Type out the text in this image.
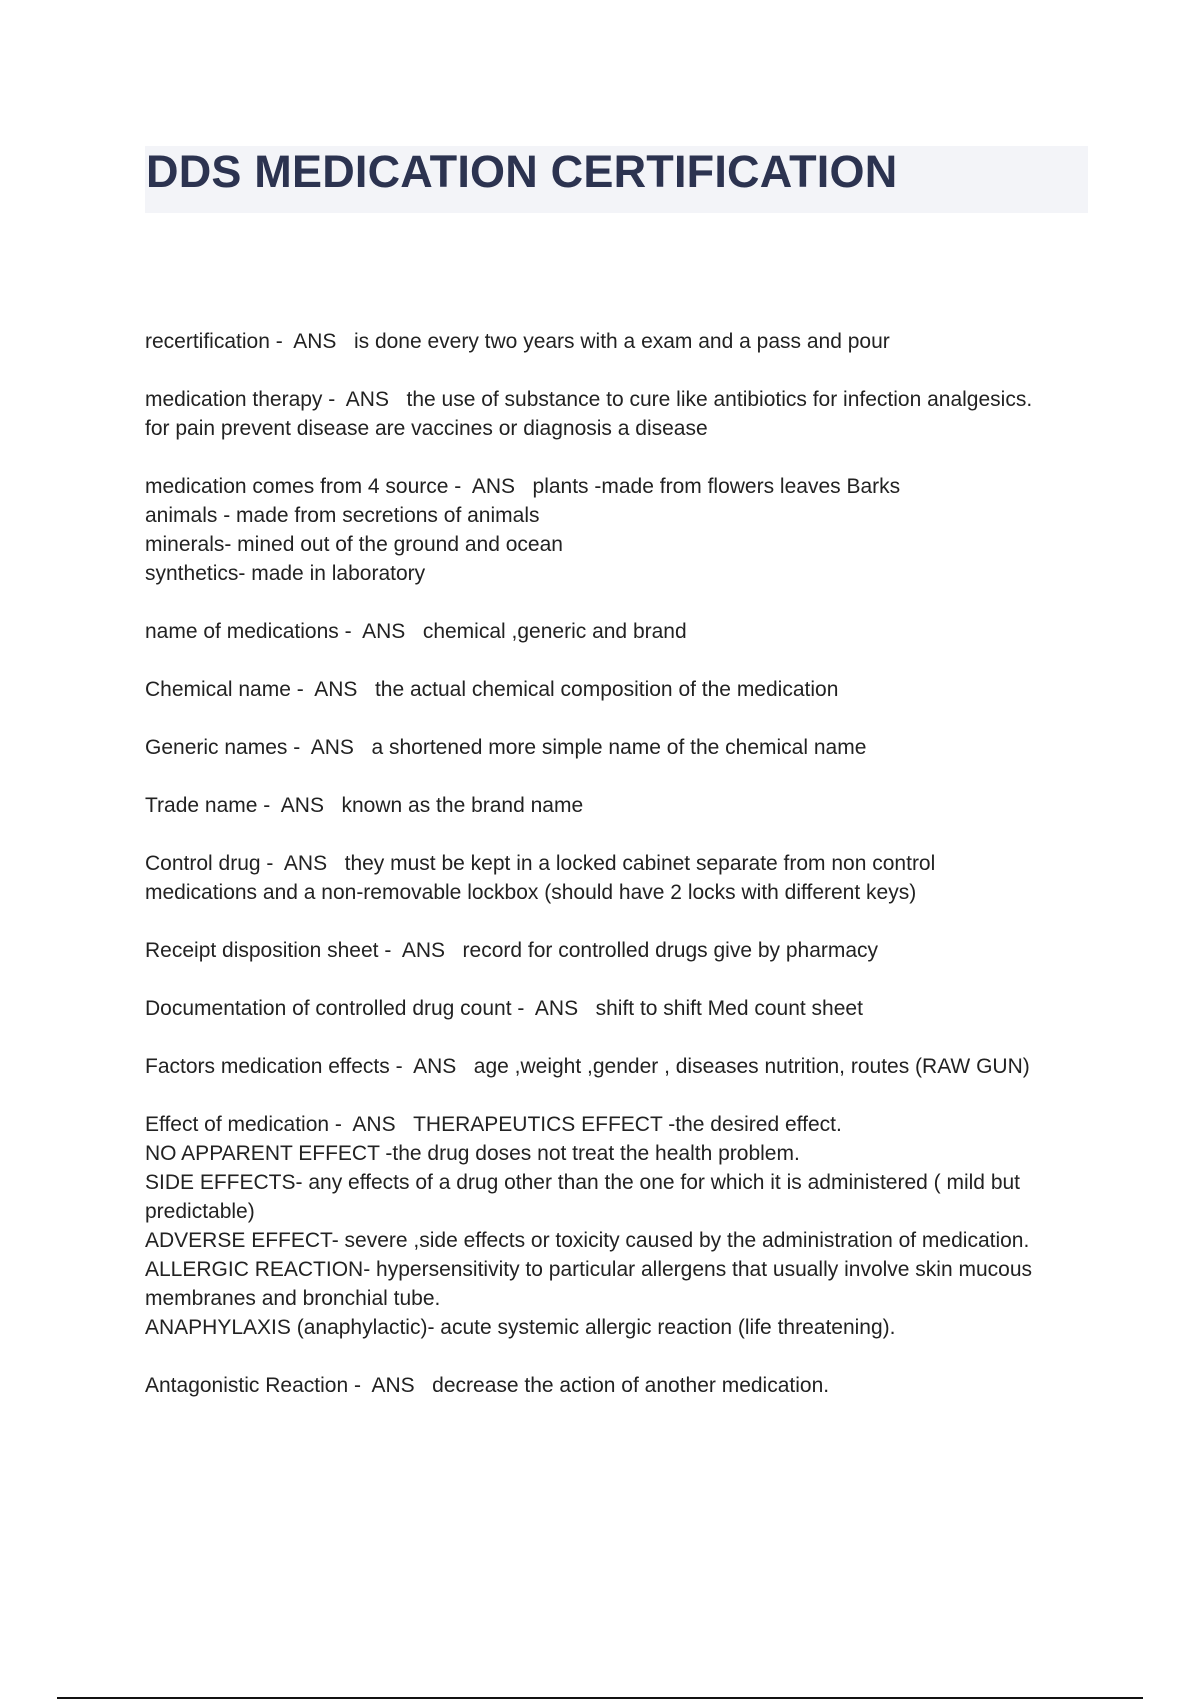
DDS MEDICATION CERTIFICATION
recertification -  ANS is done every two years with a exam and a pass and pour
medication therapy -  ANS the use of substance to cure like antibiotics for infection analgesics.
for pain prevent disease are vaccines or diagnosis a disease
medication comes from 4 source -  ANS plants -made from flowers leaves Barks
animals - made from secretions of animals
minerals- mined out of the ground and ocean
synthetics- made in laboratory
name of medications -  ANS chemical ,generic and brand
Chemical name -  ANS the actual chemical composition of the medication
Generic names -  ANS a shortened more simple name of the chemical name
Trade name -  ANS known as the brand name
Control drug -  ANS they must be kept in a locked cabinet separate from non control
medications and a non-removable lockbox (should have 2 locks with different keys)
Receipt disposition sheet -  ANS record for controlled drugs give by pharmacy
Documentation of controlled drug count -  ANS shift to shift Med count sheet
Factors medication effects -  ANS age ,weight ,gender , diseases nutrition, routes (RAW GUN)
Effect of medication -  ANS THERAPEUTICS EFFECT -the desired effect.
NO APPARENT EFFECT -the drug doses not treat the health problem.
SIDE EFFECTS- any effects of a drug other than the one for which it is administered ( mild but
predictable)
ADVERSE EFFECT- severe ,side effects or toxicity caused by the administration of medication.
ALLERGIC REACTION- hypersensitivity to particular allergens that usually involve skin mucous
membranes and bronchial tube.
ANAPHYLAXIS (anaphylactic)- acute systemic allergic reaction (life threatening).
Antagonistic Reaction -  ANS decrease the action of another medication.
